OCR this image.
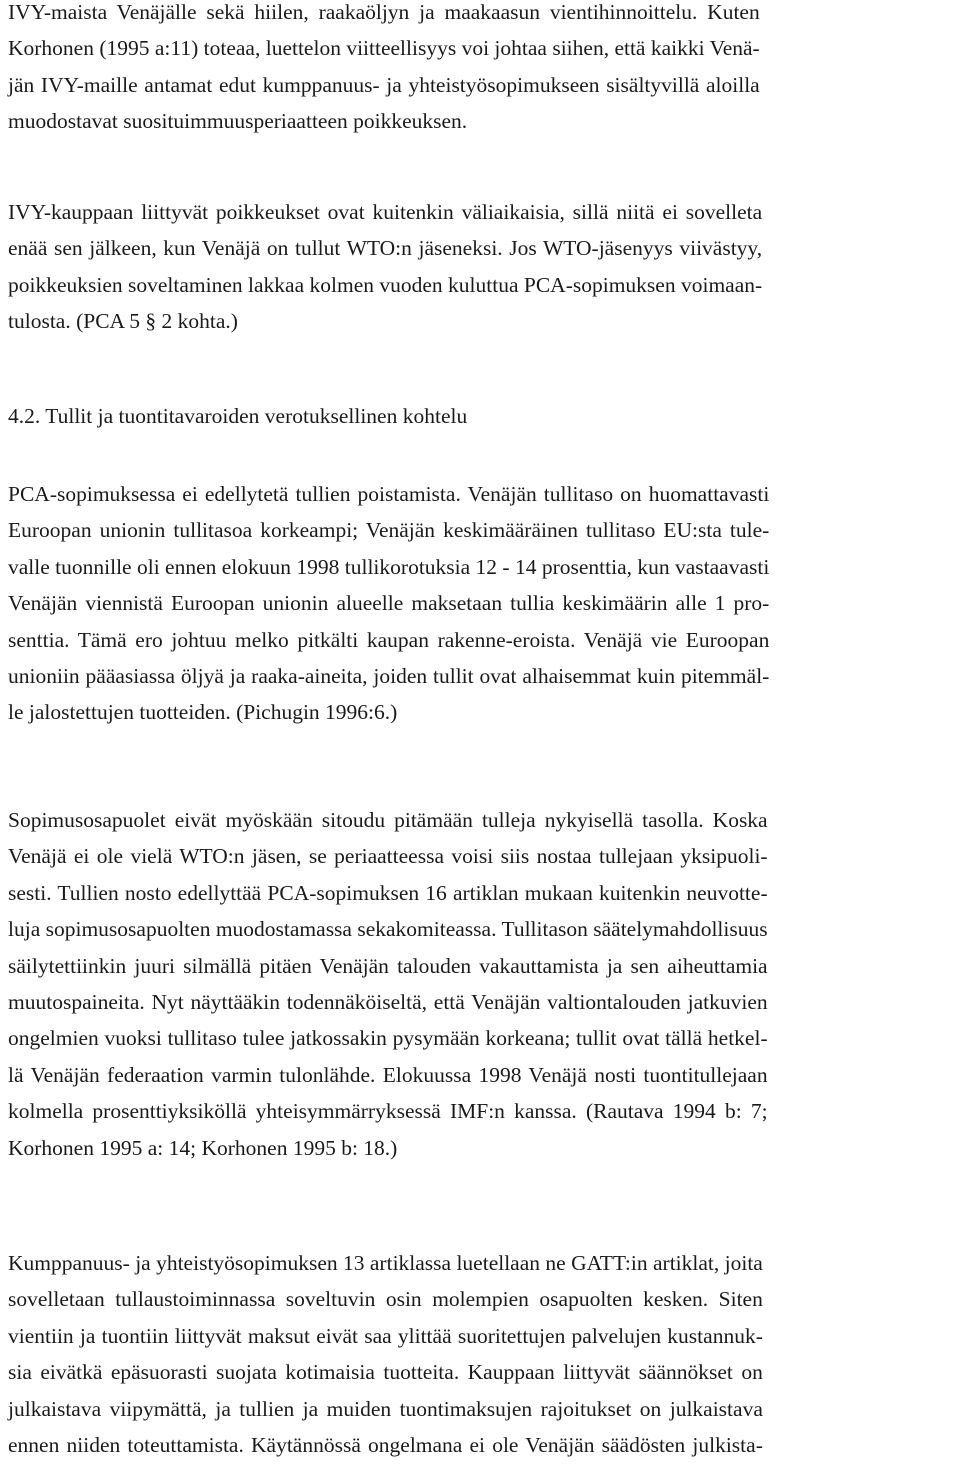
IVY-maista Venäjälle sekä hiilen, raakaöljyn ja maakaasun vientihinnoittelu. Kuten
Korhonen (1995 a:11) toteaa, luettelon viitteellisyys voi johtaa siihen, että kaikki Venä-
jän IVY-maille antamat edut kumppanuus- ja yhteistyösopimukseen sisältyvillä aloilla
muodostavat suosituimmuusperiaatteen poikkeuksen.
IVY-kauppaan liittyvät poikkeukset ovat kuitenkin väliaikaisia, sillä niitä ei sovelleta
enää sen jälkeen, kun Venäjä on tullut WTO:n jäseneksi. Jos WTO-jäsenyys viivästyy,
poikkeuksien soveltaminen lakkaa kolmen vuoden kuluttua PCA-sopimuksen voimaan-
tulosta. (PCA 5 § 2 kohta.)
4.2. Tullit ja tuontitavaroiden verotuksellinen kohtelu
PCA-sopimuksessa ei edellytetä tullien poistamista. Venäjän tullitaso on huomattavasti
Euroopan unionin tullitasoa korkeampi; Venäjän keskimääräinen tullitaso EU:sta tule-
valle tuonnille oli ennen elokuun 1998 tullikorotuksia 12 - 14 prosenttia, kun vastaavasti
Venäjän viennistä Euroopan unionin alueelle maksetaan tullia keskimäärin alle 1 pro-
senttia. Tämä ero johtuu melko pitkälti kaupan rakenne-eroista. Venäjä vie Euroopan
unioniin pääasiassa öljyä ja raaka-aineita, joiden tullit ovat alhaisemmat kuin pitemmäl-
le jalostettujen tuotteiden. (Pichugin 1996:6.)
Sopimusosapuolet eivät myöskään sitoudu pitämään tulleja nykyisellä tasolla. Koska
Venäjä ei ole vielä WTO:n jäsen, se periaatteessa voisi siis nostaa tullejaan yksipuoli-
sesti. Tullien nosto edellyttää PCA-sopimuksen 16 artiklan mukaan kuitenkin neuvotte-
luja sopimusosapuolten muodostamassa sekakomiteassa. Tullitason säätelymahdollisuus
säilytettiinkin juuri silmällä pitäen Venäjän talouden vakauttamista ja sen aiheuttamia
muutospaineita. Nyt näyttääkin todennäköiseltä, että Venäjän valtiontalouden jatkuvien
ongelmien vuoksi tullitaso tulee jatkossakin pysymään korkeana; tullit ovat tällä hetkel-
lä Venäjän federaation varmin tulonlähde. Elokuussa 1998 Venäjä nosti tuontitullejaan
kolmella prosenttiyksiköllä yhteisymmärryksessä IMF:n kanssa. (Rautava 1994 b: 7;
Korhonen 1995 a: 14; Korhonen 1995 b: 18.)
Kumppanuus- ja yhteistyösopimuksen 13 artiklassa luetellaan ne GATT:in artiklat, joita
sovelletaan tullaustoiminnassa soveltuvin osin molempien osapuolten kesken. Siten
vientiin ja tuontiin liittyvät maksut eivät saa ylittää suoritettujen palvelujen kustannuk-
sia eivätkä epäsuorasti suojata kotimaisia tuotteita. Kauppaan liittyvät säännökset on
julkaistava viipymättä, ja tullien ja muiden tuontimaksujen rajoitukset on julkaistava
ennen niiden toteuttamista. Käytännössä ongelmana ei ole Venäjän säädösten julkista-
